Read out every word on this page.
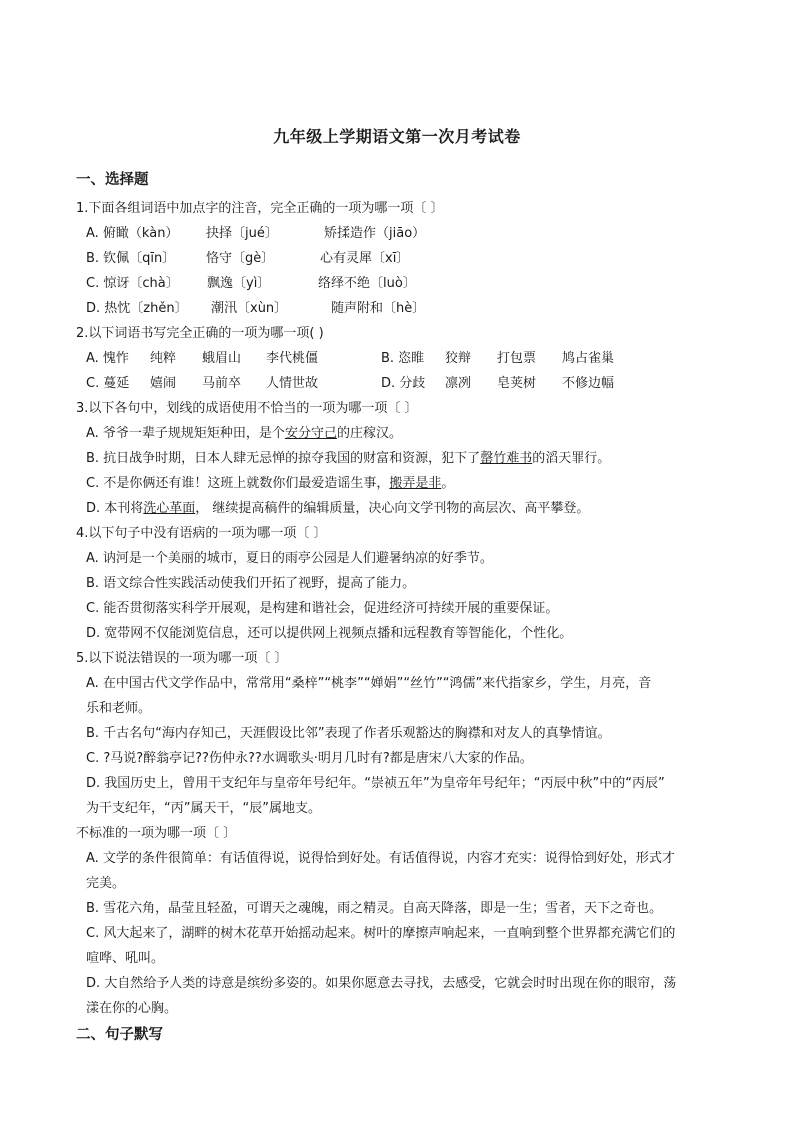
九年级上学期语文第一次月考试卷
一、选择题
1.下面各组词语中加点字的注音，完全正确的一项为哪一项〔 〕
A. 俯瞰（kàn） 抉择〔jué〕	矫揉造作（jiāo）
B. 钦佩〔qīn〕 恪守〔gè〕	心有灵犀〔xī〕
C. 惊讶〔chà〕 飘逸〔yì〕	络绎不绝〔luò〕
D. 热忱〔zhěn〕 潮汛〔xùn〕	随声附和〔hè〕
2.以下词语书写完全正确的一项为哪一项( )
A. 愧怍 纯粹 蛾眉山 李代桃僵	B. 恣睢 狡辩 打包票 鸠占雀巢
C. 蔓延 嬉闹 马前卒 人情世故	D. 分歧 凛冽 皂荚树 不修边幅
3.以下各句中，划线的成语使用不恰当的一项为哪一项〔 〕
A. 爷爷一辈子规规矩矩种田，是个安分守己的庄稼汉。
B. 抗日战争时期，日本人肆无忌惮的掠夺我国的财富和资源，犯下了罄竹难书的滔天罪行。
C. 不是你俩还有谁！这班上就数你们最爱造谣生事，搬弄是非。
D. 本刊将洗心革面， 继续提高稿件的编辑质量，决心向文学刊物的高层次、高平攀登。
4.以下句子中没有语病的一项为哪一项〔 〕
A. 讷河是一个美丽的城市，夏日的雨亭公园是人们避暑纳凉的好季节。
B. 语文综合性实践活动使我们开拓了视野，提高了能力。
C. 能否贯彻落实科学开展观，是构建和谐社会，促进经济可持续开展的重要保证。
D. 宽带网不仅能浏览信息，还可以提供网上视频点播和远程教育等智能化，个性化。
5.以下说法错误的一项为哪一项〔 〕
A. 在中国古代文学作品中，常常用“桑梓”“桃李”“婵娟”“丝竹”“鸿儒”来代指家乡，学生，月亮，音
乐和老师。
B. 千古名句“海内存知己，天涯假设比邻”表现了作者乐观豁达的胸襟和对友人的真挚情谊。
C. ?马说?醉翁亭记??伤仲永??水调歌头·明月几时有?都是唐宋八大家的作品。
D. 我国历史上，曾用干支纪年与皇帝年号纪年。“崇祯五年”为皇帝年号纪年；“丙辰中秋”中的“丙辰”
为干支纪年，“丙”属天干，“辰”属地支。
不标准的一项为哪一项〔 〕
A. 文学的条件很简单：有话值得说，说得恰到好处。有话值得说，内容才充实：说得恰到好处，形式才
完美。
B. 雪花六角，晶莹且轻盈，可谓天之魂魄，雨之精灵。自高天降落，即是一生；雪者，天下之奇也。
C. 风大起来了，湖畔的树木花草开始摇动起来。树叶的摩擦声响起来，一直响到整个世界都充满它们的
喧哗、吼叫。
D. 大自然给予人类的诗意是缤纷多姿的。如果你愿意去寻找，去感受，它就会时时出现在你的眼帘，荡
漾在你的心胸。
二、句子默写
